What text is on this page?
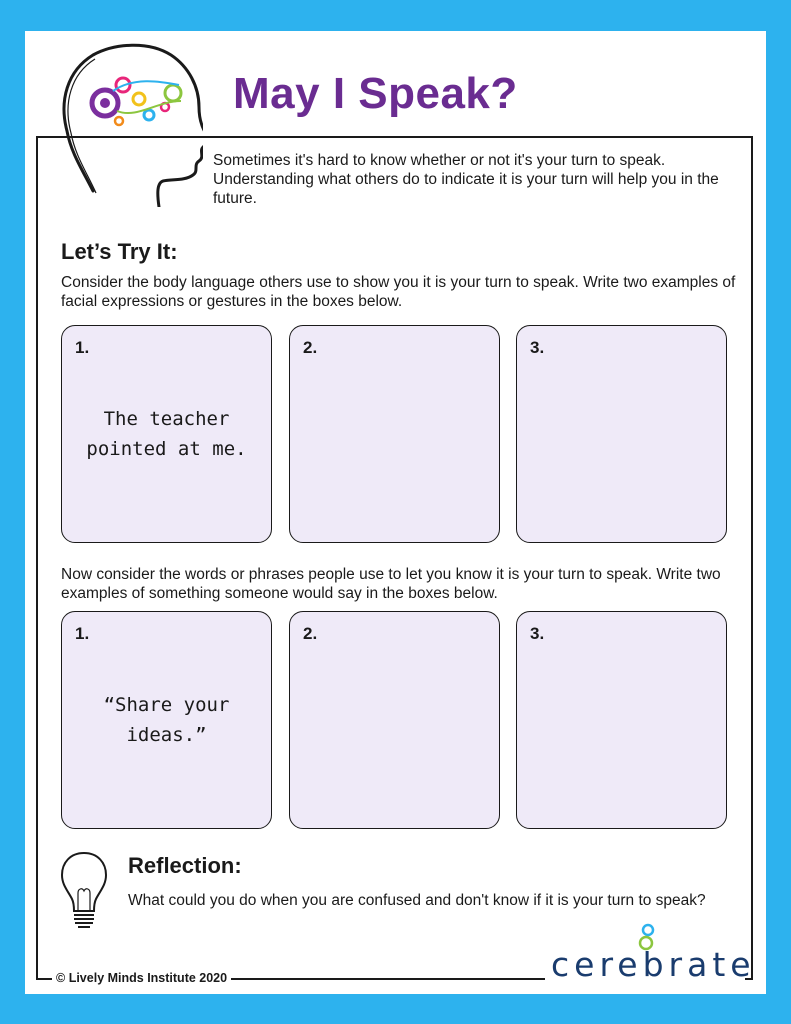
May I Speak?
Sometimes it's hard to know whether or not it's your turn to speak. Understanding what others do to indicate it is your turn will help you in the future.
Let’s Try It:
Consider the body language others use to show you it is your turn to speak. Write two examples of facial expressions or gestures in the boxes below.
1.
The teacher pointed at me.
2.	3.
Now consider the words or phrases people use to let you know it is your turn to speak. Write two examples of something someone would say in the boxes below.
1.
“Share your ideas.”
2.	3.
Reflection:
What could you do when you are confused and don't know if it is your turn to speak?
© Lively Minds Institute 2020	cerebrate
